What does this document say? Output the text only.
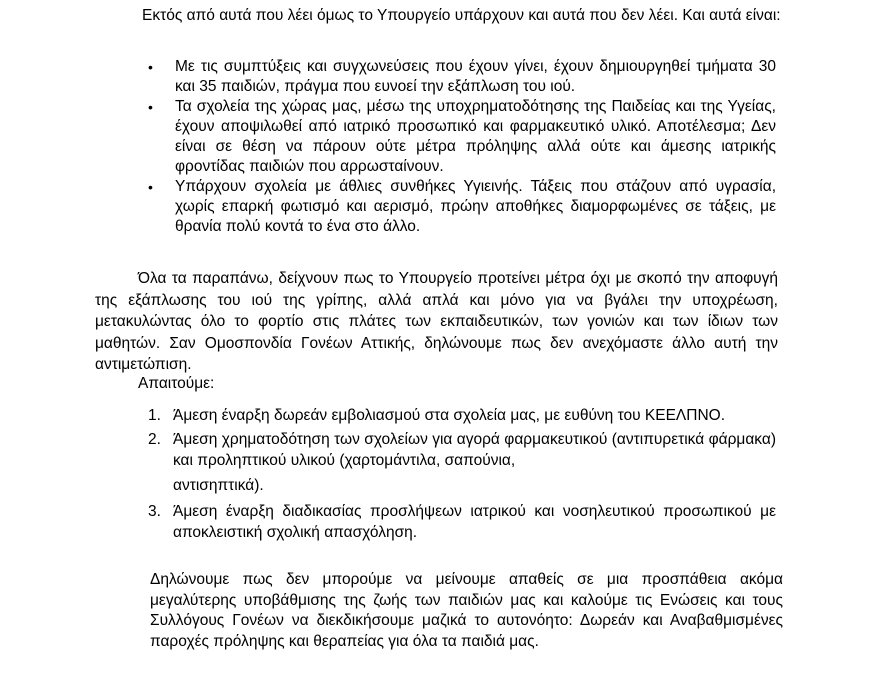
Εκτός από αυτά που λέει όμως το Υπουργείο υπάρχουν και αυτά που δεν λέει. Και αυτά είναι:

• Με τις συμπτύξεις και συγχωνεύσεις που έχουν γίνει, έχουν δημιουργηθεί τμήματα 30 και 35 παιδιών, πράγμα που ευνοεί την εξάπλωση του ιού.
• Τα σχολεία της χώρας μας, μέσω της υποχρηματοδότησης της Παιδείας και της Υγείας, έχουν αποψιλωθεί από ιατρικό προσωπικό και φαρμακευτικό υλικό. Αποτέλεσμα; Δεν είναι σε θέση να πάρουν ούτε μέτρα πρόληψης αλλά ούτε και άμεσης ιατρικής φροντίδας παιδιών που αρρωσταίνουν.
• Υπάρχουν σχολεία με άθλιες συνθήκες Υγιεινής. Τάξεις που στάζουν από υγρασία, χωρίς επαρκή φωτισμό και αερισμό, πρώην αποθήκες διαμορφωμένες σε τάξεις, με θρανία πολύ κοντά το ένα στο άλλο.

Όλα τα παραπάνω, δείχνουν πως το Υπουργείο προτείνει μέτρα όχι με σκοπό την αποφυγή της εξάπλωσης του ιού της γρίπης, αλλά απλά και μόνο για να βγάλει την υποχρέωση, μετακυλώντας όλο το φορτίο στις πλάτες των εκπαιδευτικών, των γονιών και των ίδιων των μαθητών. Σαν Ομοσπονδία Γονέων Αττικής, δηλώνουμε πως δεν ανεχόμαστε άλλο αυτή την αντιμετώπιση.

Απαιτούμε:
1. Άμεση έναρξη δωρεάν εμβολιασμού στα σχολεία μας, με ευθύνη του ΚΕΕΛΠΝΟ.
2. Άμεση χρηματοδότηση των σχολείων για αγορά φαρμακευτικού (αντιπυρετικά φάρμακα) και προληπτικού υλικού (χαρτομάντιλα, σαπούνια,
αντισηπτικά).
3. Άμεση έναρξη διαδικασίας προσλήψεων ιατρικού και νοσηλευτικού προσωπικού με αποκλειστική σχολική απασχόληση.

Δηλώνουμε πως δεν μπορούμε να μείνουμε απαθείς σε μια προσπάθεια ακόμα μεγαλύτερης υποβάθμισης της ζωής των παιδιών μας και καλούμε τις Ενώσεις και τους Συλλόγους Γονέων να διεκδικήσουμε μαζικά το αυτονόητο: Δωρεάν και Αναβαθμισμένες παροχές πρόληψης και θεραπείας για όλα τα παιδιά μας.
